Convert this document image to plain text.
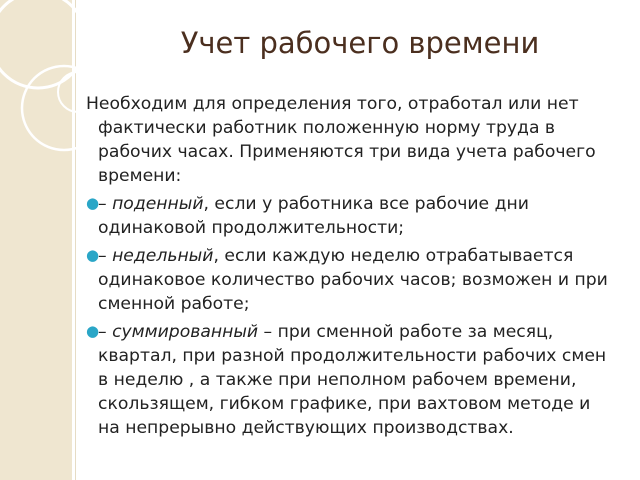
Учет рабочего времени

Необходим для определения того, отработал или нет фактически работник положенную норму труда в рабочих часах. Применяются три вида учета рабочего времени:

●
– поденный, если у работника все рабочие дни одинаковой продолжительности;

●
– недельный, если каждую неделю отрабатывается одинаковое количество рабочих часов; возможен и при сменной работе;

●
– суммированный – при сменной работе за месяц, квартал, при разной продолжительности рабочих смен в неделю , а также при неполном рабочем времени, скользящем, гибком графике, при вахтовом методе и на непрерывно действующих производствах.
